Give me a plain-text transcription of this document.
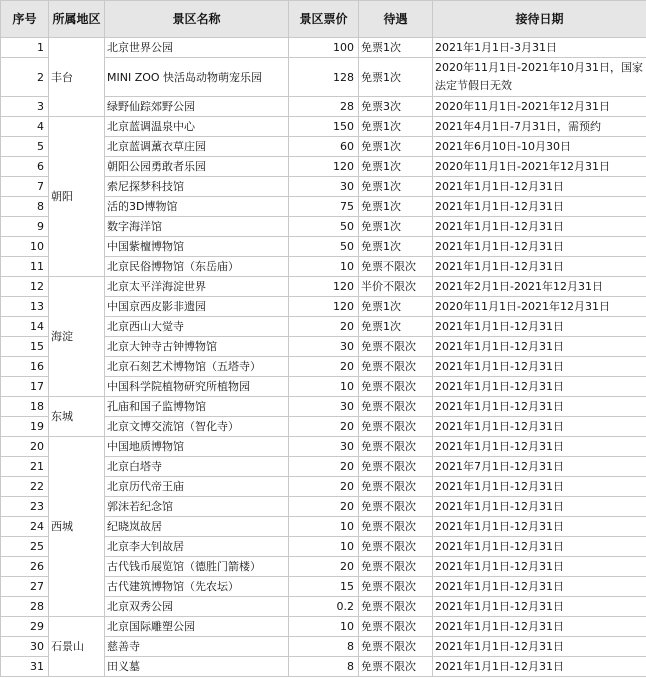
序号	所属地区	景区名称	景区票价	待遇	接待日期
1	丰台	北京世界公园	100	免票1次	2021年1月1日-3月31日
2		MINI ZOO 快活岛动物萌宠乐园	128	免票1次	2020年11月1日-2021年10月31日，国家法定节假日无效
3		绿野仙踪郊野公园	28	免票3次	2020年11月1日-2021年12月31日
4	朝阳	北京蓝调温泉中心	150	免票1次	2021年4月1日-7月31日，需预约
5		北京蓝调薰衣草庄园	60	免票1次	2021年6月10日-10月30日
6		朝阳公园勇敢者乐园	120	免票1次	2020年11月1日-2021年12月31日
7		索尼探梦科技馆	30	免票1次	2021年1月1日-12月31日
8		活的3D博物馆	75	免票1次	2021年1月1日-12月31日
9		数字海洋馆	50	免票1次	2021年1月1日-12月31日
10		中国紫檀博物馆	50	免票1次	2021年1月1日-12月31日
11		北京民俗博物馆（东岳庙）	10	免票不限次	2021年1月1日-12月31日
12	海淀	北京太平洋海淀世界	120	半价不限次	2021年2月1日-2021年12月31日
13		中国京西皮影非遗园	120	免票1次	2020年11月1日-2021年12月31日
14		北京西山大觉寺	20	免票1次	2021年1月1日-12月31日
15		北京大钟寺古钟博物馆	30	免票不限次	2021年1月1日-12月31日
16		北京石刻艺术博物馆（五塔寺）	20	免票不限次	2021年1月1日-12月31日
17		中国科学院植物研究所植物园	10	免票不限次	2021年1月1日-12月31日
18	东城	孔庙和国子监博物馆	30	免票不限次	2021年1月1日-12月31日
19		北京文博交流馆（智化寺）	20	免票不限次	2021年1月1日-12月31日
20	西城	中国地质博物馆	30	免票不限次	2021年1月1日-12月31日
21		北京白塔寺	20	免票不限次	2021年7月1日-12月31日
22		北京历代帝王庙	20	免票不限次	2021年1月1日-12月31日
23		郭沫若纪念馆	20	免票不限次	2021年1月1日-12月31日
24		纪晓岚故居	10	免票不限次	2021年1月1日-12月31日
25		北京李大钊故居	10	免票不限次	2021年1月1日-12月31日
26		古代钱币展览馆（德胜门箭楼）	20	免票不限次	2021年1月1日-12月31日
27		古代建筑博物馆（先农坛）	15	免票不限次	2021年1月1日-12月31日
28		北京双秀公园	0.2	免票不限次	2021年1月1日-12月31日
29	石景山	北京国际雕塑公园	10	免票不限次	2021年1月1日-12月31日
30		慈善寺	8	免票不限次	2021年1月1日-12月31日
31		田义墓	8	免票不限次	2021年1月1日-12月31日
